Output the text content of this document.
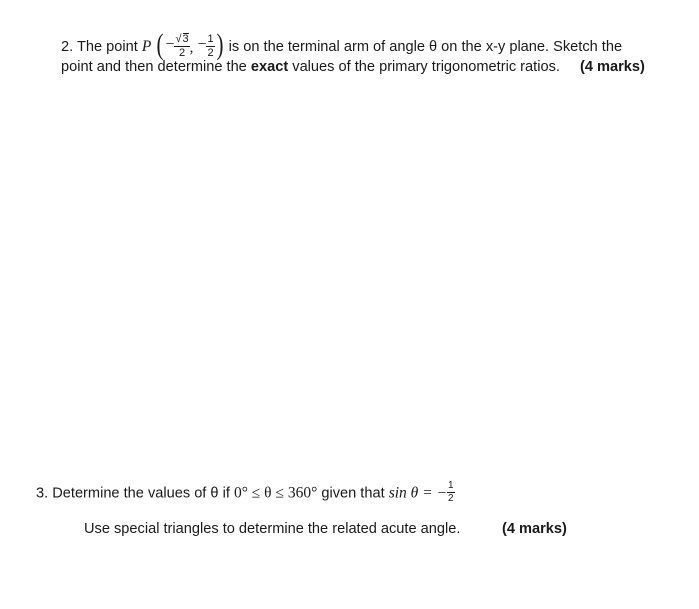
2. The point P (− $\frac{√3}{2}$ , − $\frac{1}{2}$ ) is on the terminal arm of angle θ on the x-y plane. Sketch the
point and then determine the exact values of the primary trigonometric ratios. (4 marks)
3. Determine the values of θ if 0° ≤ θ ≤ 360° given that sin θ = − $\frac{1}{2}$
Use special triangles to determine the related acute angle.	(4 marks)
